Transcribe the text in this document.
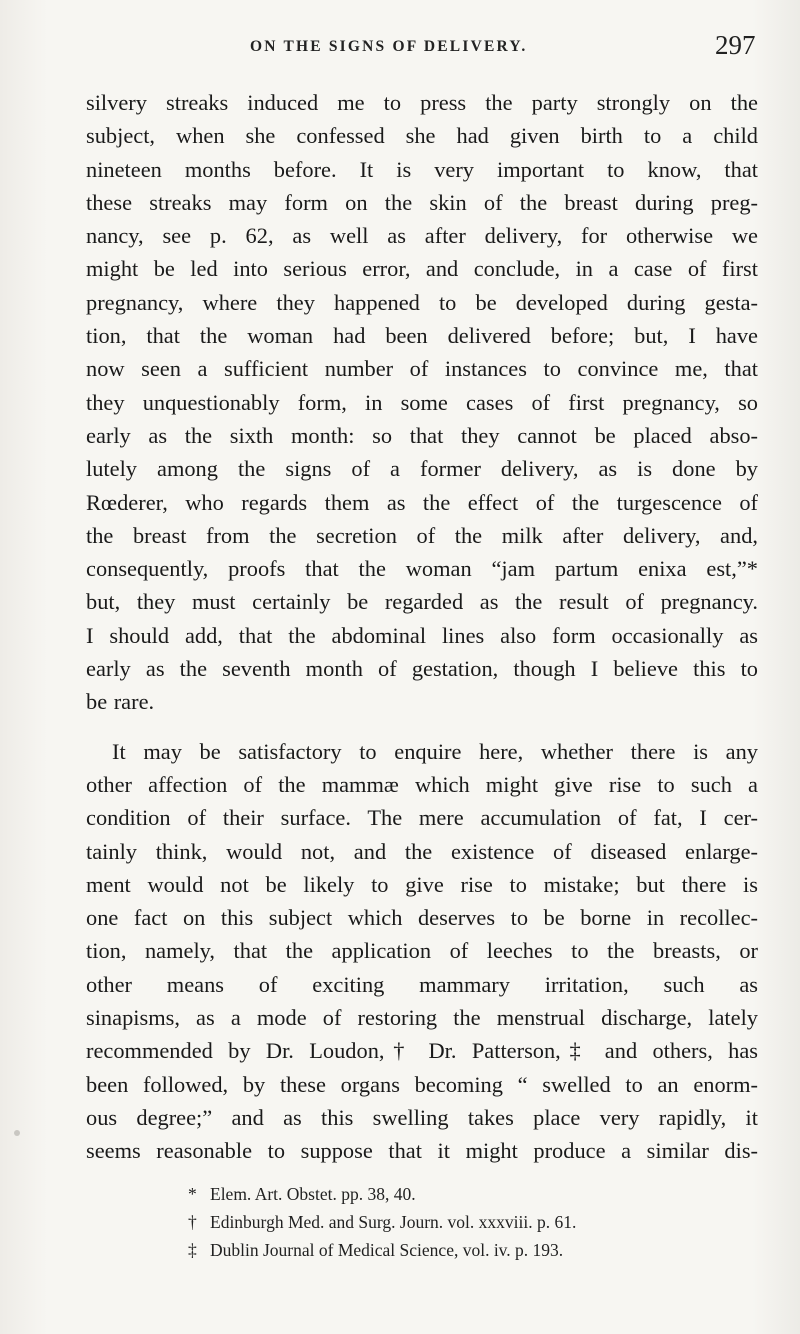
ON THE SIGNS OF DELIVERY.	297
silvery streaks induced me to press the party strongly on the
subject, when she confessed she had given birth to a child
nineteen months before. It is very important to know, that
these streaks may form on the skin of the breast during preg-
nancy, see p. 62, as well as after delivery, for otherwise we
might be led into serious error, and conclude, in a case of first
pregnancy, where they happened to be developed during gesta-
tion, that the woman had been delivered before; but, I have
now seen a sufficient number of instances to convince me, that
they unquestionably form, in some cases of first pregnancy, so
early as the sixth month: so that they cannot be placed abso-
lutely among the signs of a former delivery, as is done by
Rœderer, who regards them as the effect of the turgescence of
the breast from the secretion of the milk after delivery, and,
consequently, proofs that the woman “jam partum enixa est,”*
but, they must certainly be regarded as the result of pregnancy.
I should add, that the abdominal lines also form occasionally as
early as the seventh month of gestation, though I believe this to
be rare.
It may be satisfactory to enquire here, whether there is any
other affection of the mammæ which might give rise to such a
condition of their surface. The mere accumulation of fat, I cer-
tainly think, would not, and the existence of diseased enlarge-
ment would not be likely to give rise to mistake; but there is
one fact on this subject which deserves to be borne in recollec-
tion, namely, that the application of leeches to the breasts, or
other means of exciting mammary irritation, such as
sinapisms, as a mode of restoring the menstrual discharge, lately
recommended by Dr. Loudon,† Dr. Patterson,‡ and others, has
been followed, by these organs becoming “ swelled to an enorm-
ous degree;” and as this swelling takes place very rapidly, it
seems reasonable to suppose that it might produce a similar dis-
* Elem. Art. Obstet. pp. 38, 40.
† Edinburgh Med. and Surg. Journ. vol. xxxviii. p. 61.
‡ Dublin Journal of Medical Science, vol. iv. p. 193.
